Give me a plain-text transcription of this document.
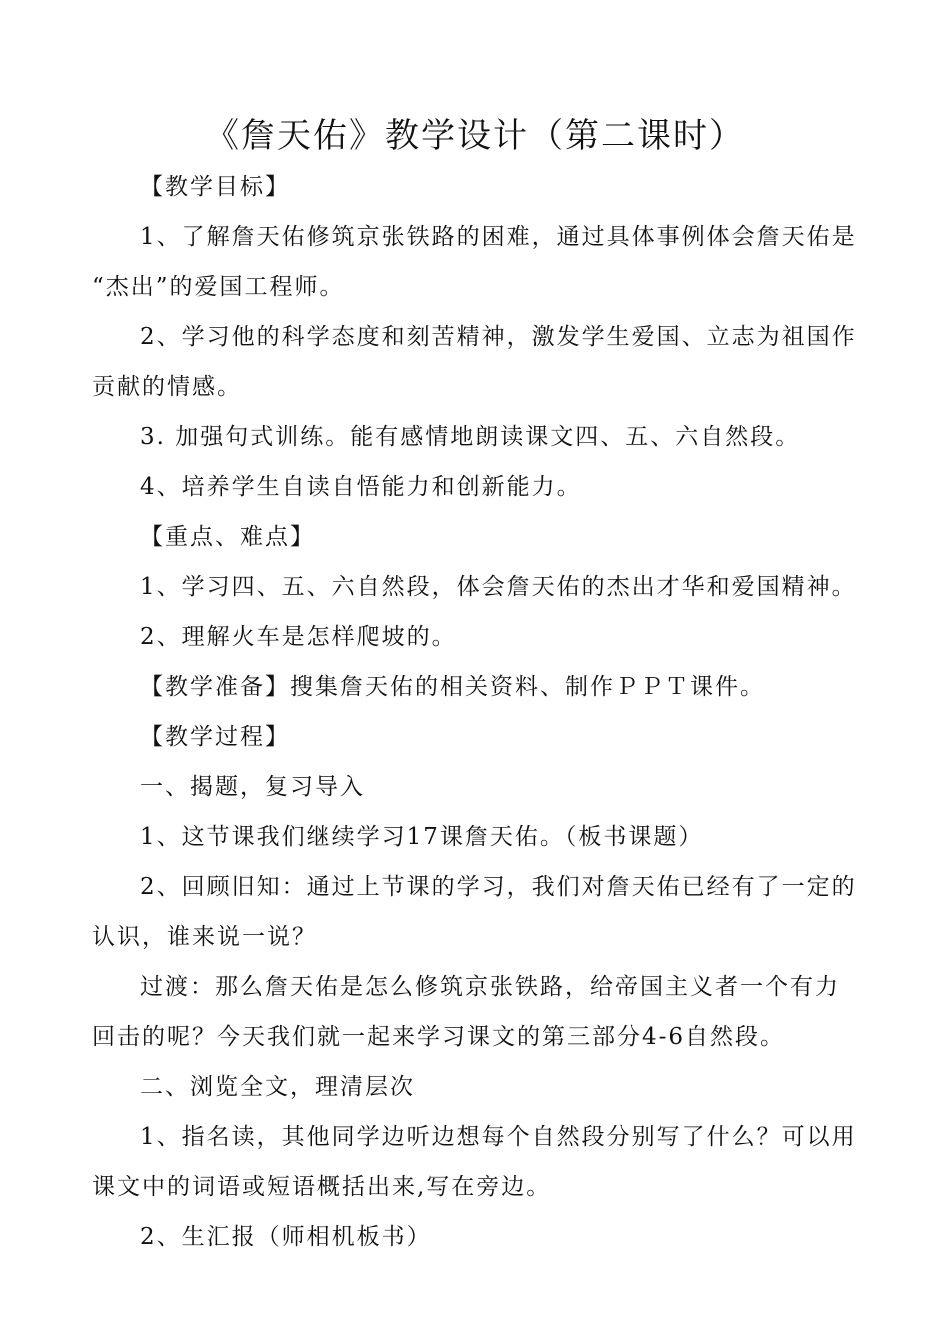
《詹天佑》教学设计（第二课时）
【教学目标】
1、了解詹天佑修筑京张铁路的困难，通过具体事例体会詹天佑是
“杰出”的爱国工程师。
2、学习他的科学态度和刻苦精神，激发学生爱国、立志为祖国作
贡献的情感。
3. 加强句式训练。能有感情地朗读课文四、五、六自然段。
4、培养学生自读自悟能力和创新能力。
【重点、难点】
1、学习四、五、六自然段，体会詹天佑的杰出才华和爱国精神。
2、理解火车是怎样爬坡的。
【教学准备】搜集詹天佑的相关资料、制作ＰＰＴ课件。
【教学过程】
一、揭题，复习导入
1、这节课我们继续学习17课詹天佑。（板书课题）
2、回顾旧知：通过上节课的学习，我们对詹天佑已经有了一定的
认识，谁来说一说？
过渡：那么詹天佑是怎么修筑京张铁路，给帝国主义者一个有力
回击的呢？今天我们就一起来学习课文的第三部分4-6自然段。
二、浏览全文，理清层次
1、指名读，其他同学边听边想每个自然段分别写了什么？可以用
课文中的词语或短语概括出来,写在旁边。
2、生汇报（师相机板书）
